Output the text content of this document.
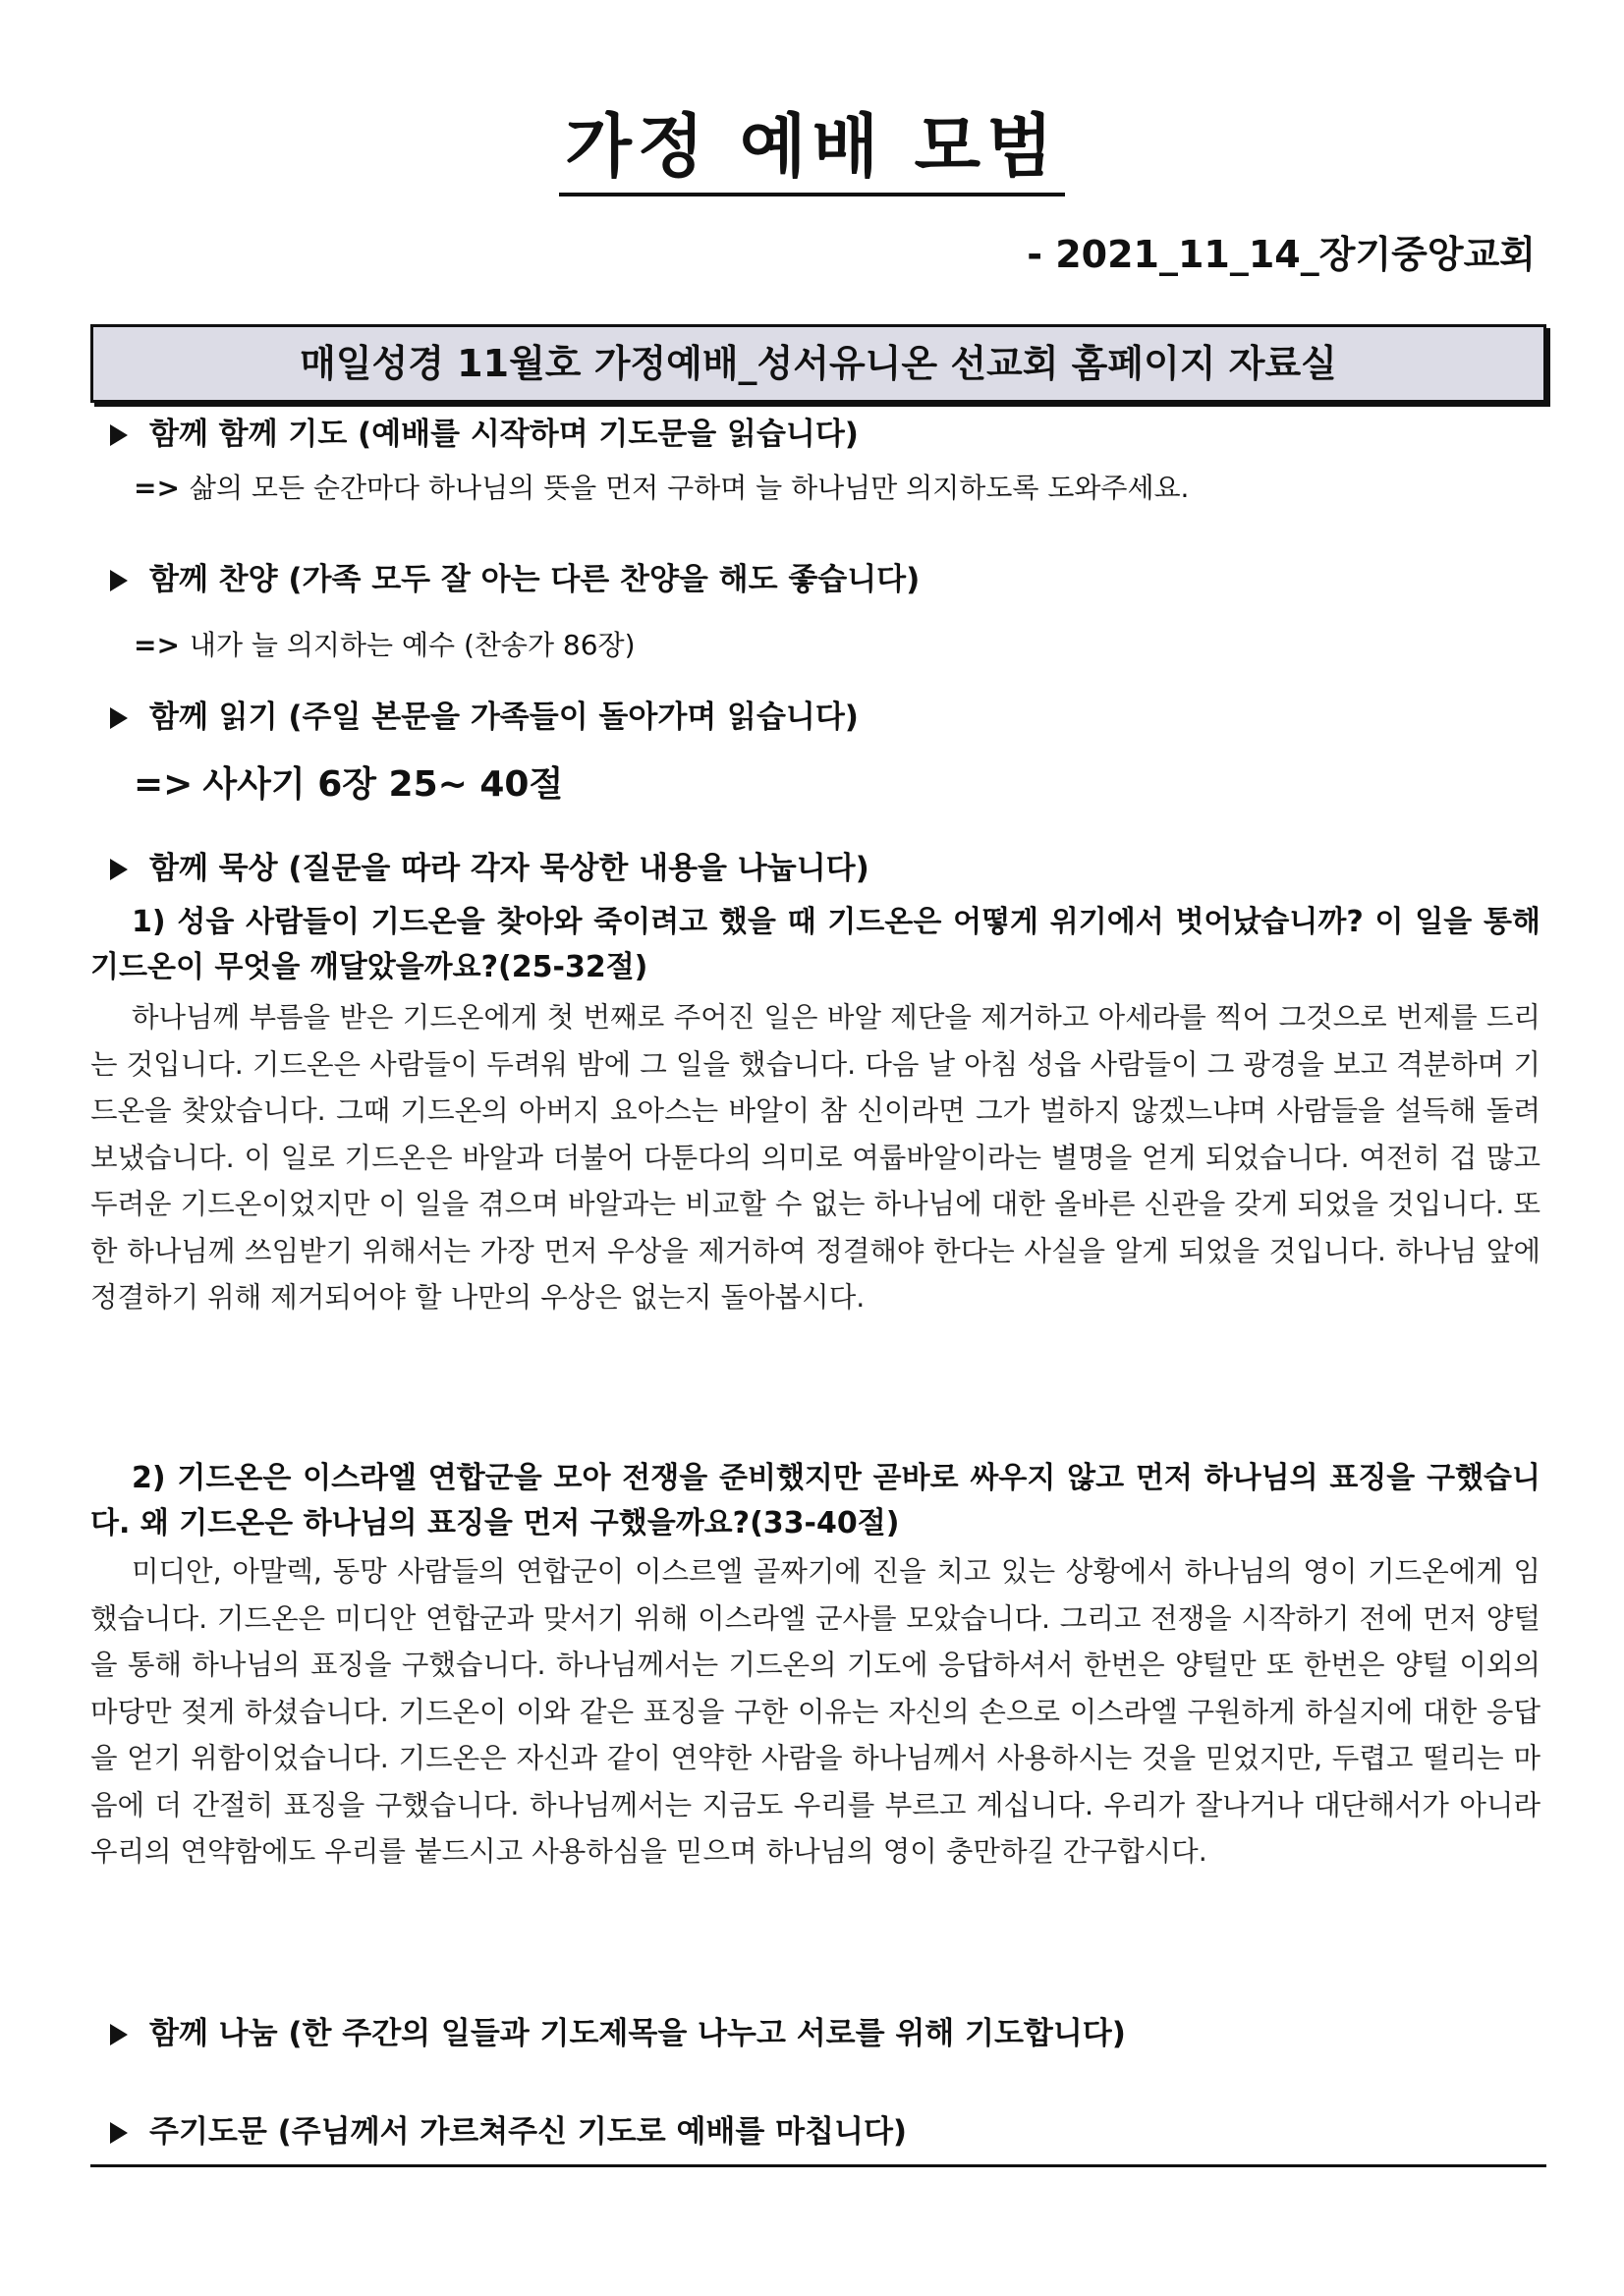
가정 예배 모범
- 2021_11_14_장기중앙교회
매일성경 11월호 가정예배_성서유니온 선교회 홈페이지 자료실
함께 함께 기도 (예배를 시작하며 기도문을 읽습니다)
=> 삶의 모든 순간마다 하나님의 뜻을 먼저 구하며 늘 하나님만 의지하도록 도와주세요.
함께 찬양 (가족 모두 잘 아는 다른 찬양을 해도 좋습니다)
=> 내가 늘 의지하는 예수 (찬송가 86장)
함께 읽기 (주일 본문을 가족들이 돌아가며 읽습니다)
=> 사사기 6장 25~ 40절
함께 묵상 (질문을 따라 각자 묵상한 내용을 나눕니다)
1) 성읍 사람들이 기드온을 찾아와 죽이려고 했을 때 기드온은 어떻게 위기에서 벗어났습니까? 이 일을 통해 기드온이 무엇을 깨달았을까요?(25-32절)
하나님께 부름을 받은 기드온에게 첫 번째로 주어진 일은 바알 제단을 제거하고 아세라를 찍어 그것으로 번제를 드리는 것입니다. 기드온은 사람들이 두려워 밤에 그 일을 했습니다. 다음 날 아침 성읍 사람들이 그 광경을 보고 격분하며 기드온을 찾았습니다. 그때 기드온의 아버지 요아스는 바알이 참 신이라면 그가 벌하지 않겠느냐며 사람들을 설득해 돌려보냈습니다. 이 일로 기드온은 바알과 더불어 다툰다의 의미로 여룹바알이라는 별명을 얻게 되었습니다. 여전히 겁 많고 두려운 기드온이었지만 이 일을 겪으며 바알과는 비교할 수 없는 하나님에 대한 올바른 신관을 갖게 되었을 것입니다. 또한 하나님께 쓰임받기 위해서는 가장 먼저 우상을 제거하여 정결해야 한다는 사실을 알게 되었을 것입니다. 하나님 앞에 정결하기 위해 제거되어야 할 나만의 우상은 없는지 돌아봅시다.
2) 기드온은 이스라엘 연합군을 모아 전쟁을 준비했지만 곧바로 싸우지 않고 먼저 하나님의 표징을 구했습니다. 왜 기드온은 하나님의 표징을 먼저 구했을까요?(33-40절)
미디안, 아말렉, 동망 사람들의 연합군이 이스르엘 골짜기에 진을 치고 있는 상황에서 하나님의 영이 기드온에게 임했습니다. 기드온은 미디안 연합군과 맞서기 위해 이스라엘 군사를 모았습니다. 그리고 전쟁을 시작하기 전에 먼저 양털을 통해 하나님의 표징을 구했습니다. 하나님께서는 기드온의 기도에 응답하셔서 한번은 양털만 또 한번은 양털 이외의 마당만 젖게 하셨습니다. 기드온이 이와 같은 표징을 구한 이유는 자신의 손으로 이스라엘 구원하게 하실지에 대한 응답을 얻기 위함이었습니다. 기드온은 자신과 같이 연약한 사람을 하나님께서 사용하시는 것을 믿었지만, 두렵고 떨리는 마음에 더 간절히 표징을 구했습니다. 하나님께서는 지금도 우리를 부르고 계십니다. 우리가 잘나거나 대단해서가 아니라 우리의 연약함에도 우리를 붙드시고 사용하심을 믿으며 하나님의 영이 충만하길 간구합시다.
함께 나눔 (한 주간의 일들과 기도제목을 나누고 서로를 위해 기도합니다)
주기도문 (주님께서 가르쳐주신 기도로 예배를 마칩니다)
